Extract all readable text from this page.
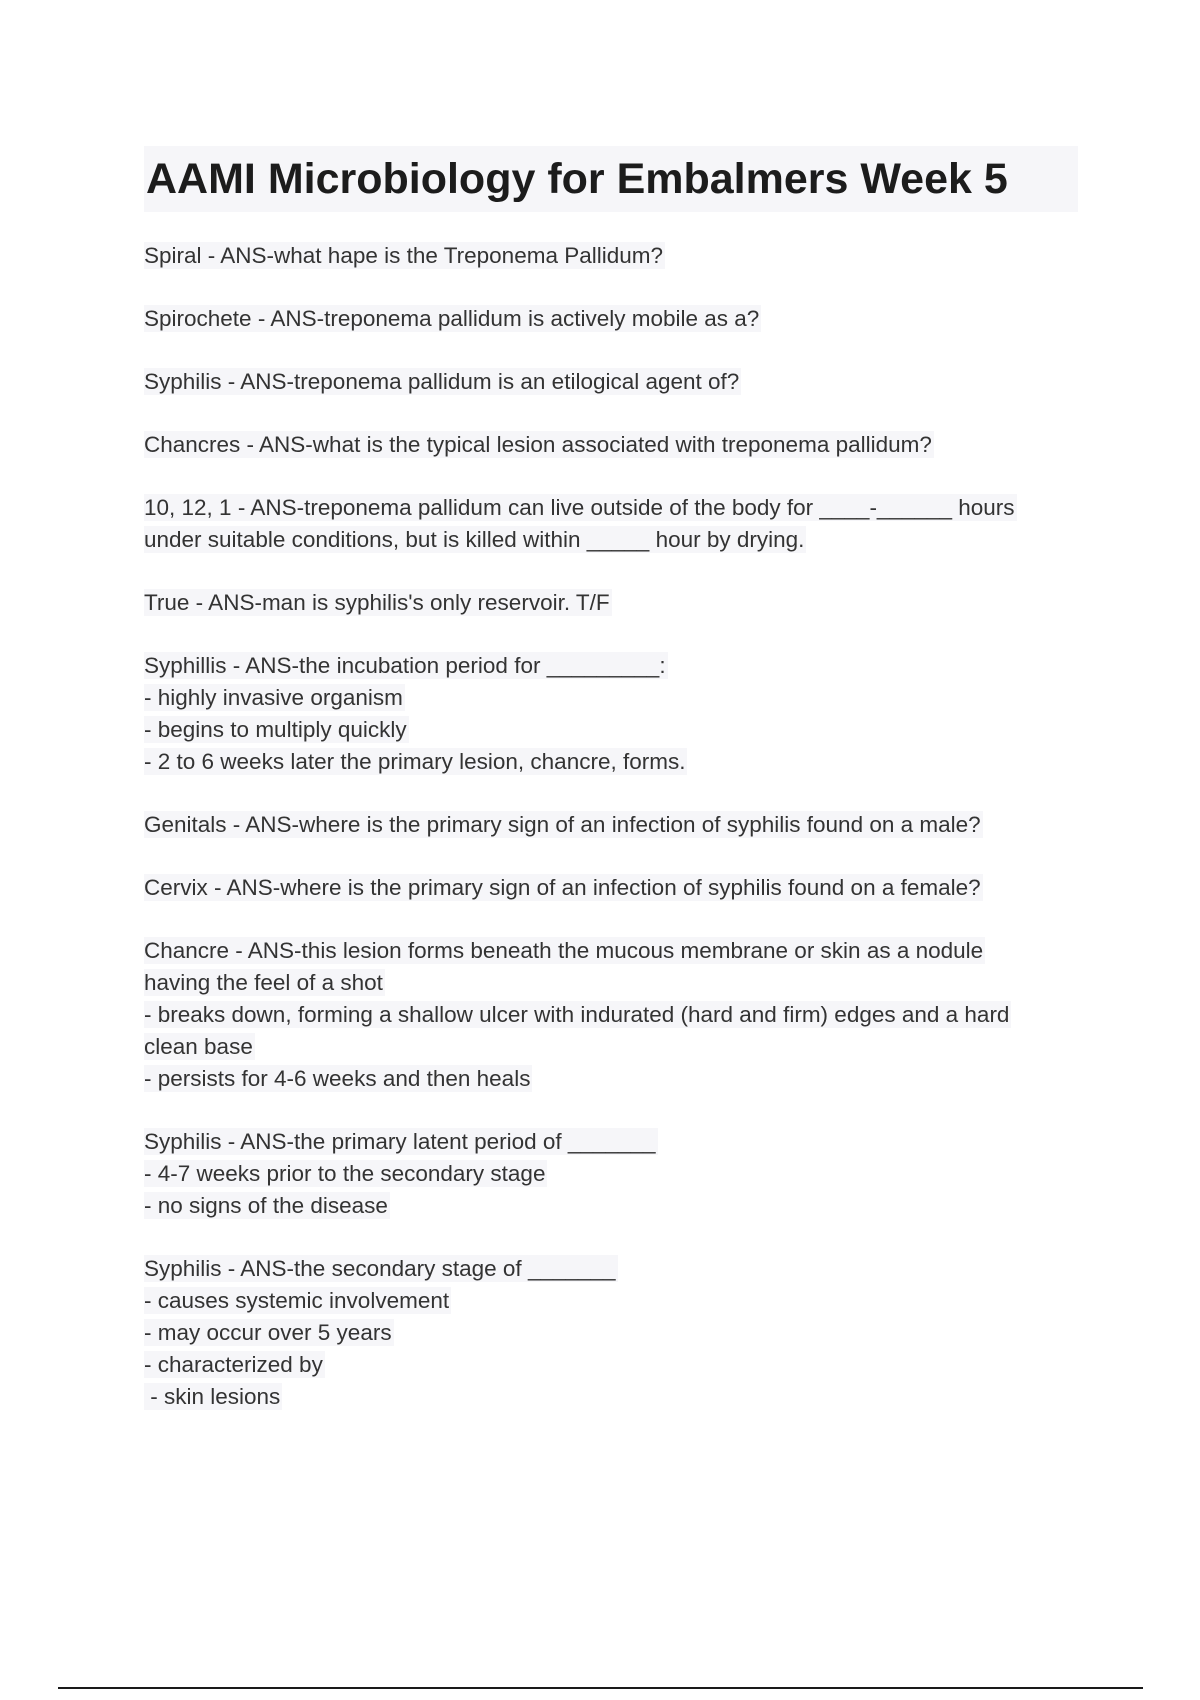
AAMI Microbiology for Embalmers Week 5
Spiral - ANS-what hape is the Treponema Pallidum?
Spirochete - ANS-treponema pallidum is actively mobile as a?
Syphilis - ANS-treponema pallidum is an etilogical agent of?
Chancres - ANS-what is the typical lesion associated with treponema pallidum?
10, 12, 1 - ANS-treponema pallidum can live outside of the body for ____-______ hours
under suitable conditions, but is killed within _____ hour by drying.
True - ANS-man is syphilis's only reservoir. T/F
Syphillis - ANS-the incubation period for _________:
- highly invasive organism
- begins to multiply quickly
- 2 to 6 weeks later the primary lesion, chancre, forms.
Genitals - ANS-where is the primary sign of an infection of syphilis found on a male?
Cervix - ANS-where is the primary sign of an infection of syphilis found on a female?
Chancre - ANS-this lesion forms beneath the mucous membrane or skin as a nodule
having the feel of a shot
- breaks down, forming a shallow ulcer with indurated (hard and firm) edges and a hard
clean base
- persists for 4-6 weeks and then heals
Syphilis - ANS-the primary latent period of _______
- 4-7 weeks prior to the secondary stage
- no signs of the disease
Syphilis - ANS-the secondary stage of _______
- causes systemic involvement
- may occur over 5 years
- characterized by
- skin lesions
